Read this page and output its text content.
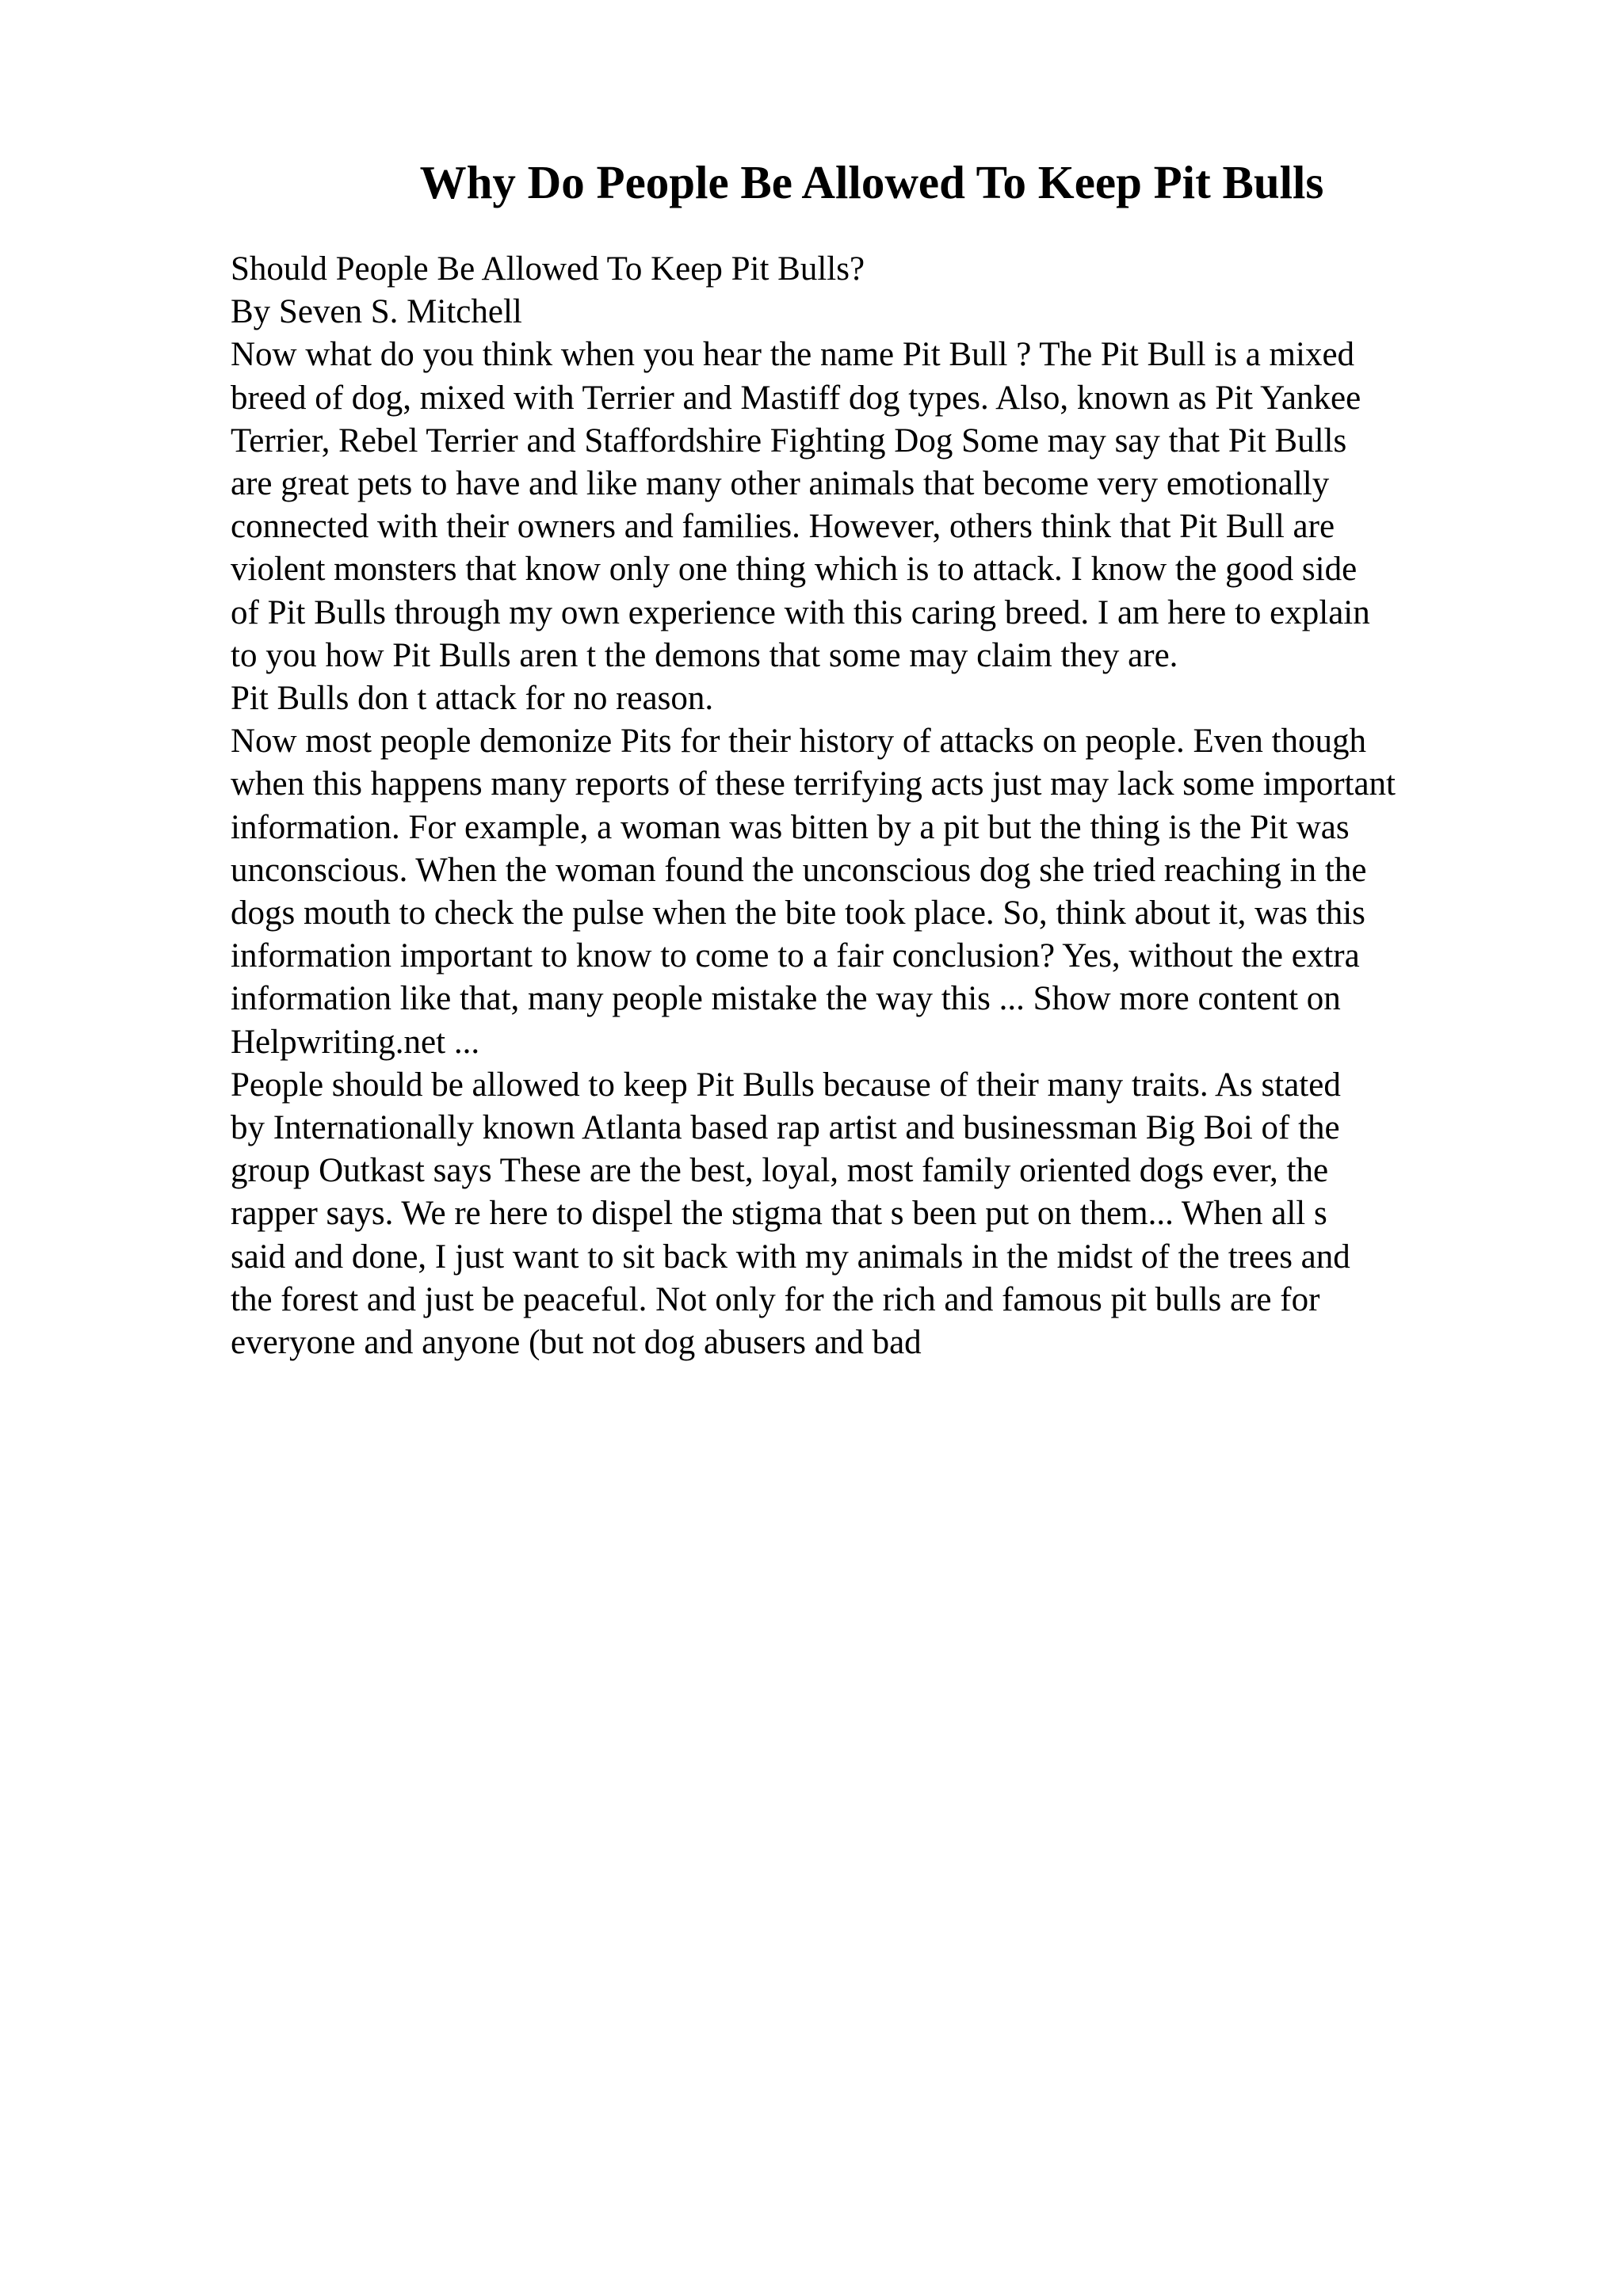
Why Do People Be Allowed To Keep Pit Bulls
Should People Be Allowed To Keep Pit Bulls?
By Seven S. Mitchell
Now what do you think when you hear the name Pit Bull ? The Pit Bull is a mixed
breed of dog, mixed with Terrier and Mastiff dog types. Also, known as Pit Yankee
Terrier, Rebel Terrier and Staffordshire Fighting Dog Some may say that Pit Bulls
are great pets to have and like many other animals that become very emotionally
connected with their owners and families. However, others think that Pit Bull are
violent monsters that know only one thing which is to attack. I know the good side
of Pit Bulls through my own experience with this caring breed. I am here to explain
to you how Pit Bulls aren t the demons that some may claim they are.
Pit Bulls don t attack for no reason.
Now most people demonize Pits for their history of attacks on people. Even though
when this happens many reports of these terrifying acts just may lack some important
information. For example, a woman was bitten by a pit but the thing is the Pit was
unconscious. When the woman found the unconscious dog she tried reaching in the
dogs mouth to check the pulse when the bite took place. So, think about it, was this
information important to know to come to a fair conclusion? Yes, without the extra
information like that, many people mistake the way this ... Show more content on
Helpwriting.net ...
People should be allowed to keep Pit Bulls because of their many traits. As stated
by Internationally known Atlanta based rap artist and businessman Big Boi of the
group Outkast says These are the best, loyal, most family oriented dogs ever, the
rapper says. We re here to dispel the stigma that s been put on them... When all s
said and done, I just want to sit back with my animals in the midst of the trees and
the forest and just be peaceful. Not only for the rich and famous pit bulls are for
everyone and anyone (but not dog abusers and bad
